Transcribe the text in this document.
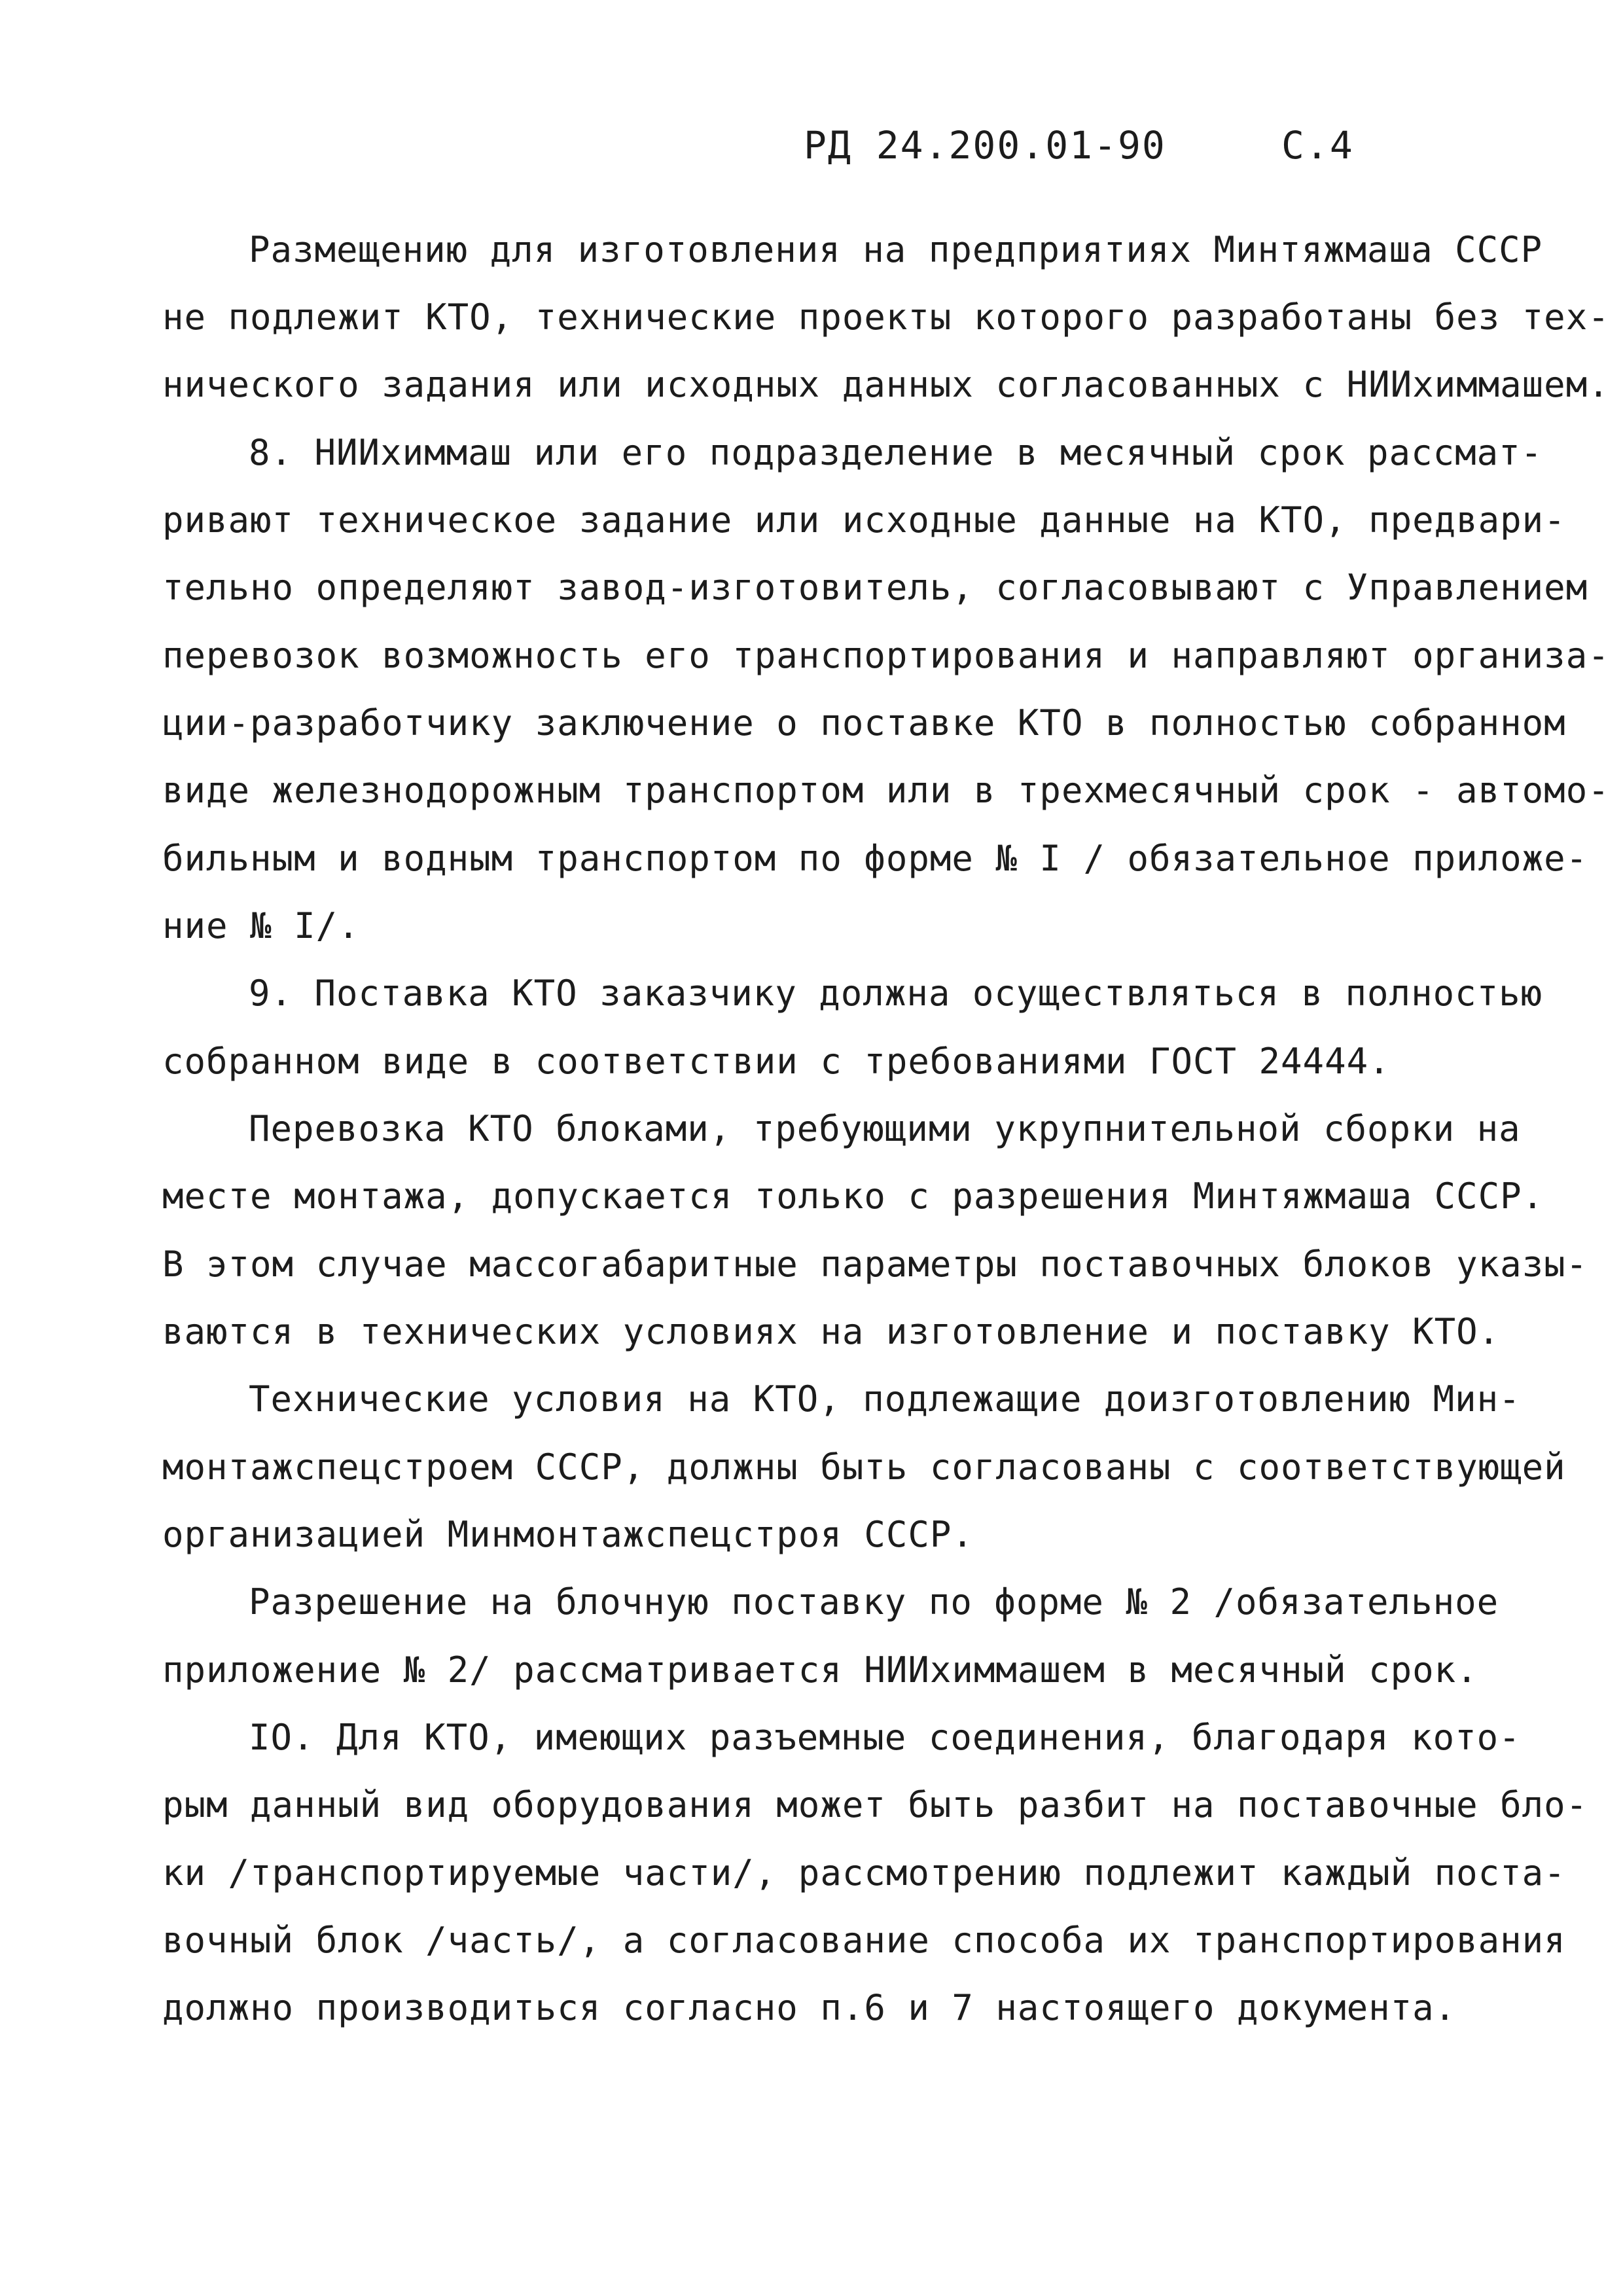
РД 24.200.01-90	С.4
Размещению для изготовления на предприятиях Минтяжмаша СССР
не подлежит КТО, технические проекты которого разработаны без тех-
нического задания или исходных данных согласованных с НИИхиммашем.
8. НИИхиммаш или его подразделение в месячный срок рассмат-
ривают техническое задание или исходные данные на КТО, предвари-
тельно определяют завод-изготовитель, согласовывают с Управлением
перевозок возможность его транспортирования и направляют организа-
ции-разработчику заключение о поставке КТО в полностью собранном
виде железнодорожным транспортом или в трехмесячный срок - автомо-
бильным и водным транспортом по форме № I / обязательное приложе-
ние № I/.
9. Поставка КТО заказчику должна осуществляться в полностью
собранном виде в соответствии с требованиями ГОСТ 24444.
Перевозка КТО блоками, требующими укрупнительной сборки на
месте монтажа, допускается только с разрешения Минтяжмаша СССР.
В этом случае массогабаритные параметры поставочных блоков указы-
ваются в технических условиях на изготовление и поставку КТО.
Технические условия на КТО, подлежащие доизготовлению Мин-
монтажспецстроем СССР, должны быть согласованы с соответствующей
организацией Минмонтажспецстроя СССР.
Разрешение на блочную поставку по форме № 2 /обязательное
приложение № 2/ рассматривается НИИхиммашем в месячный срок.
IO. Для КТО, имеющих разъемные соединения, благодаря кото-
рым данный вид оборудования может быть разбит на поставочные бло-
ки /транспортируемые части/, рассмотрению подлежит каждый поста-
вочный блок /часть/, а согласование способа их транспортирования
должно производиться согласно п.6 и 7 настоящего документа.
